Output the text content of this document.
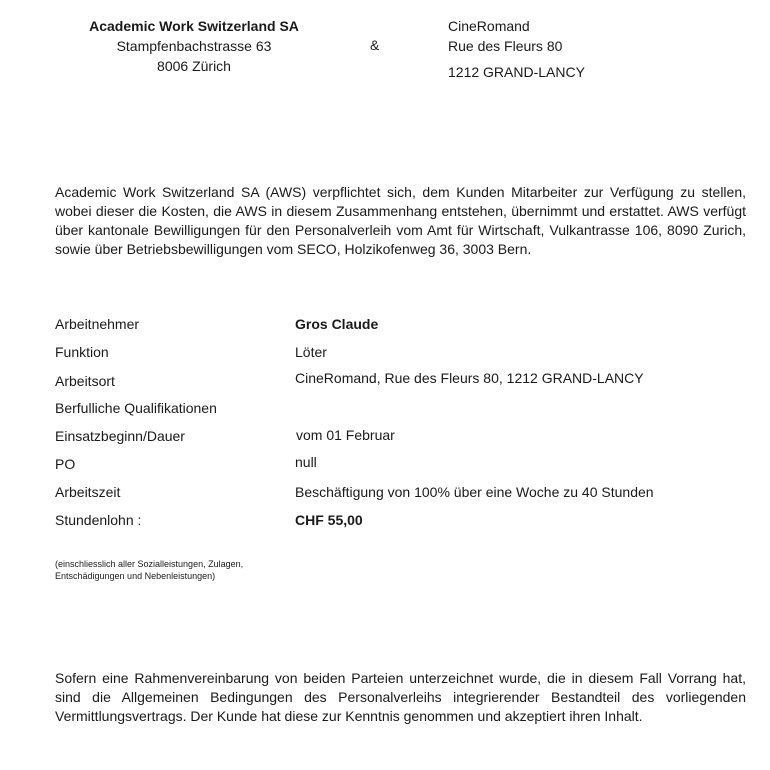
Academic Work Switzerland SA
Stampfenbachstrasse 63
8006 Zürich
&
CineRomand
Rue des Fleurs 80
1212 GRAND-LANCY
Academic Work Switzerland SA (AWS) verpflichtet sich, dem Kunden Mitarbeiter zur Verfügung zu stellen, wobei dieser die Kosten, die AWS in diesem Zusammenhang entstehen, übernimmt und erstattet. AWS verfügt über kantonale Bewilligungen für den Personalverleih vom Amt für Wirtschaft, Vulkantrasse 106, 8090 Zurich, sowie über Betriebsbewilligungen vom SECO, Holzikofenweg 36, 3003 Bern.
Arbeitnehmer	Gros Claude
Funktion	Löter
Arbeitsort	CineRomand, Rue des Fleurs 80, 1212 GRAND-LANCY
Berfulliche Qualifikationen
Einsatzbeginn/Dauer	vom 01 Februar
PO	null
Arbeitszeit	Beschäftigung von 100% über eine Woche zu 40 Stunden
Stundenlohn :	CHF 55,00
(einschliesslich aller Sozialleistungen, Zulagen, Entschädigungen und Nebenleistungen)
Sofern eine Rahmenvereinbarung von beiden Parteien unterzeichnet wurde, die in diesem Fall Vorrang hat, sind die Allgemeinen Bedingungen des Personalverleihs integrierender Bestandteil des vorliegenden Vermittlungsvertrags. Der Kunde hat diese zur Kenntnis genommen und akzeptiert ihren Inhalt.
